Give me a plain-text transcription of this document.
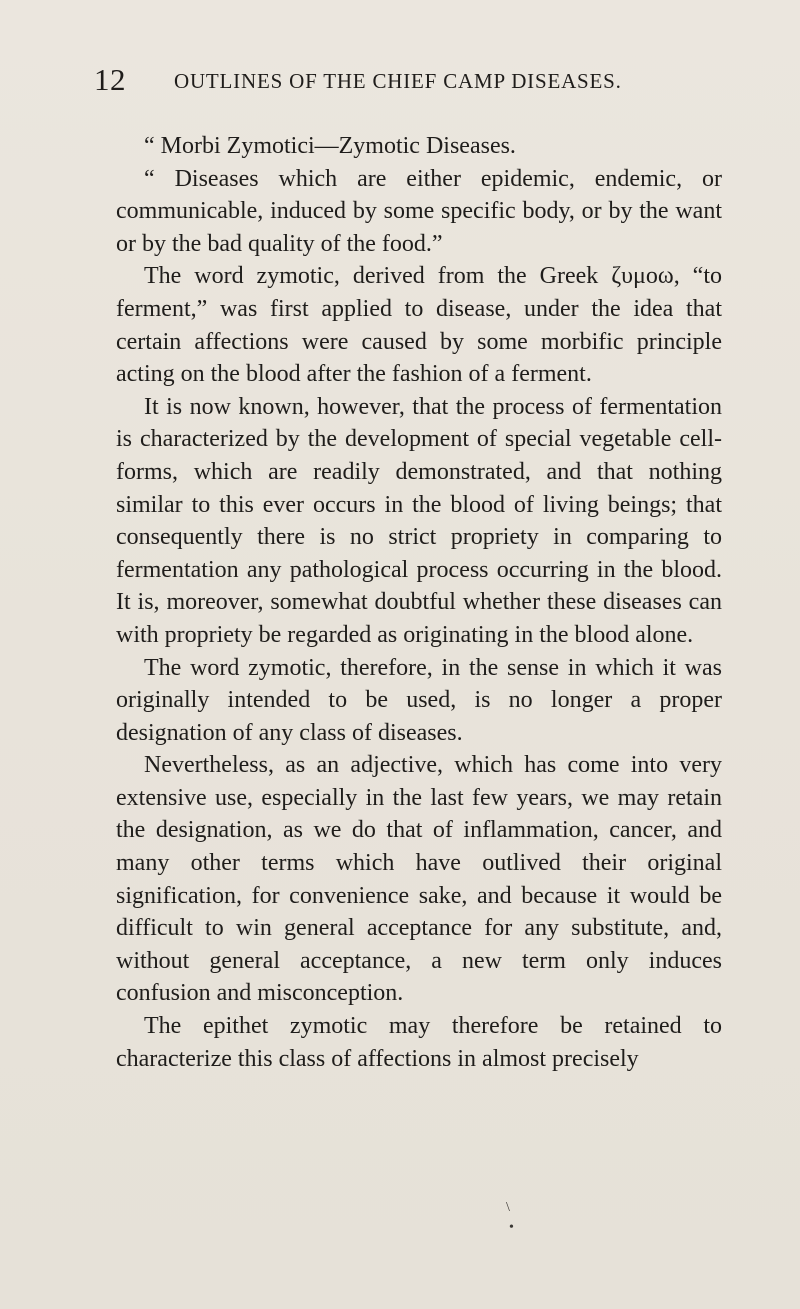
12 OUTLINES OF THE CHIEF CAMP DISEASES.

“ Morbi Zymotici—Zymotic Diseases.

“ Diseases which are either epidemic, endemic, or communicable, induced by some specific body, or by the want or by the bad quality of the food.”

The word zymotic, derived from the Greek ζυμοω, “to ferment,” was first applied to disease, under the idea that certain affections were caused by some morbific principle acting on the blood after the fashion of a ferment.

It is now known, however, that the process of fermentation is characterized by the development of special vegetable cell-forms, which are readily demonstrated, and that nothing similar to this ever occurs in the blood of living beings; that consequently there is no strict propriety in comparing to fermentation any pathological process occurring in the blood. It is, moreover, somewhat doubtful whether these diseases can with propriety be regarded as originating in the blood alone.

The word zymotic, therefore, in the sense in which it was originally intended to be used, is no longer a proper designation of any class of diseases.

Nevertheless, as an adjective, which has come into very extensive use, especially in the last few years, we may retain the designation, as we do that of inflammation, cancer, and many other terms which have outlived their original signification, for convenience sake, and because it would be difficult to win general acceptance for any substitute, and, without general acceptance, a new term only induces confusion and misconception.

The epithet zymotic may therefore be retained to characterize this class of affections in almost precisely

\
•
